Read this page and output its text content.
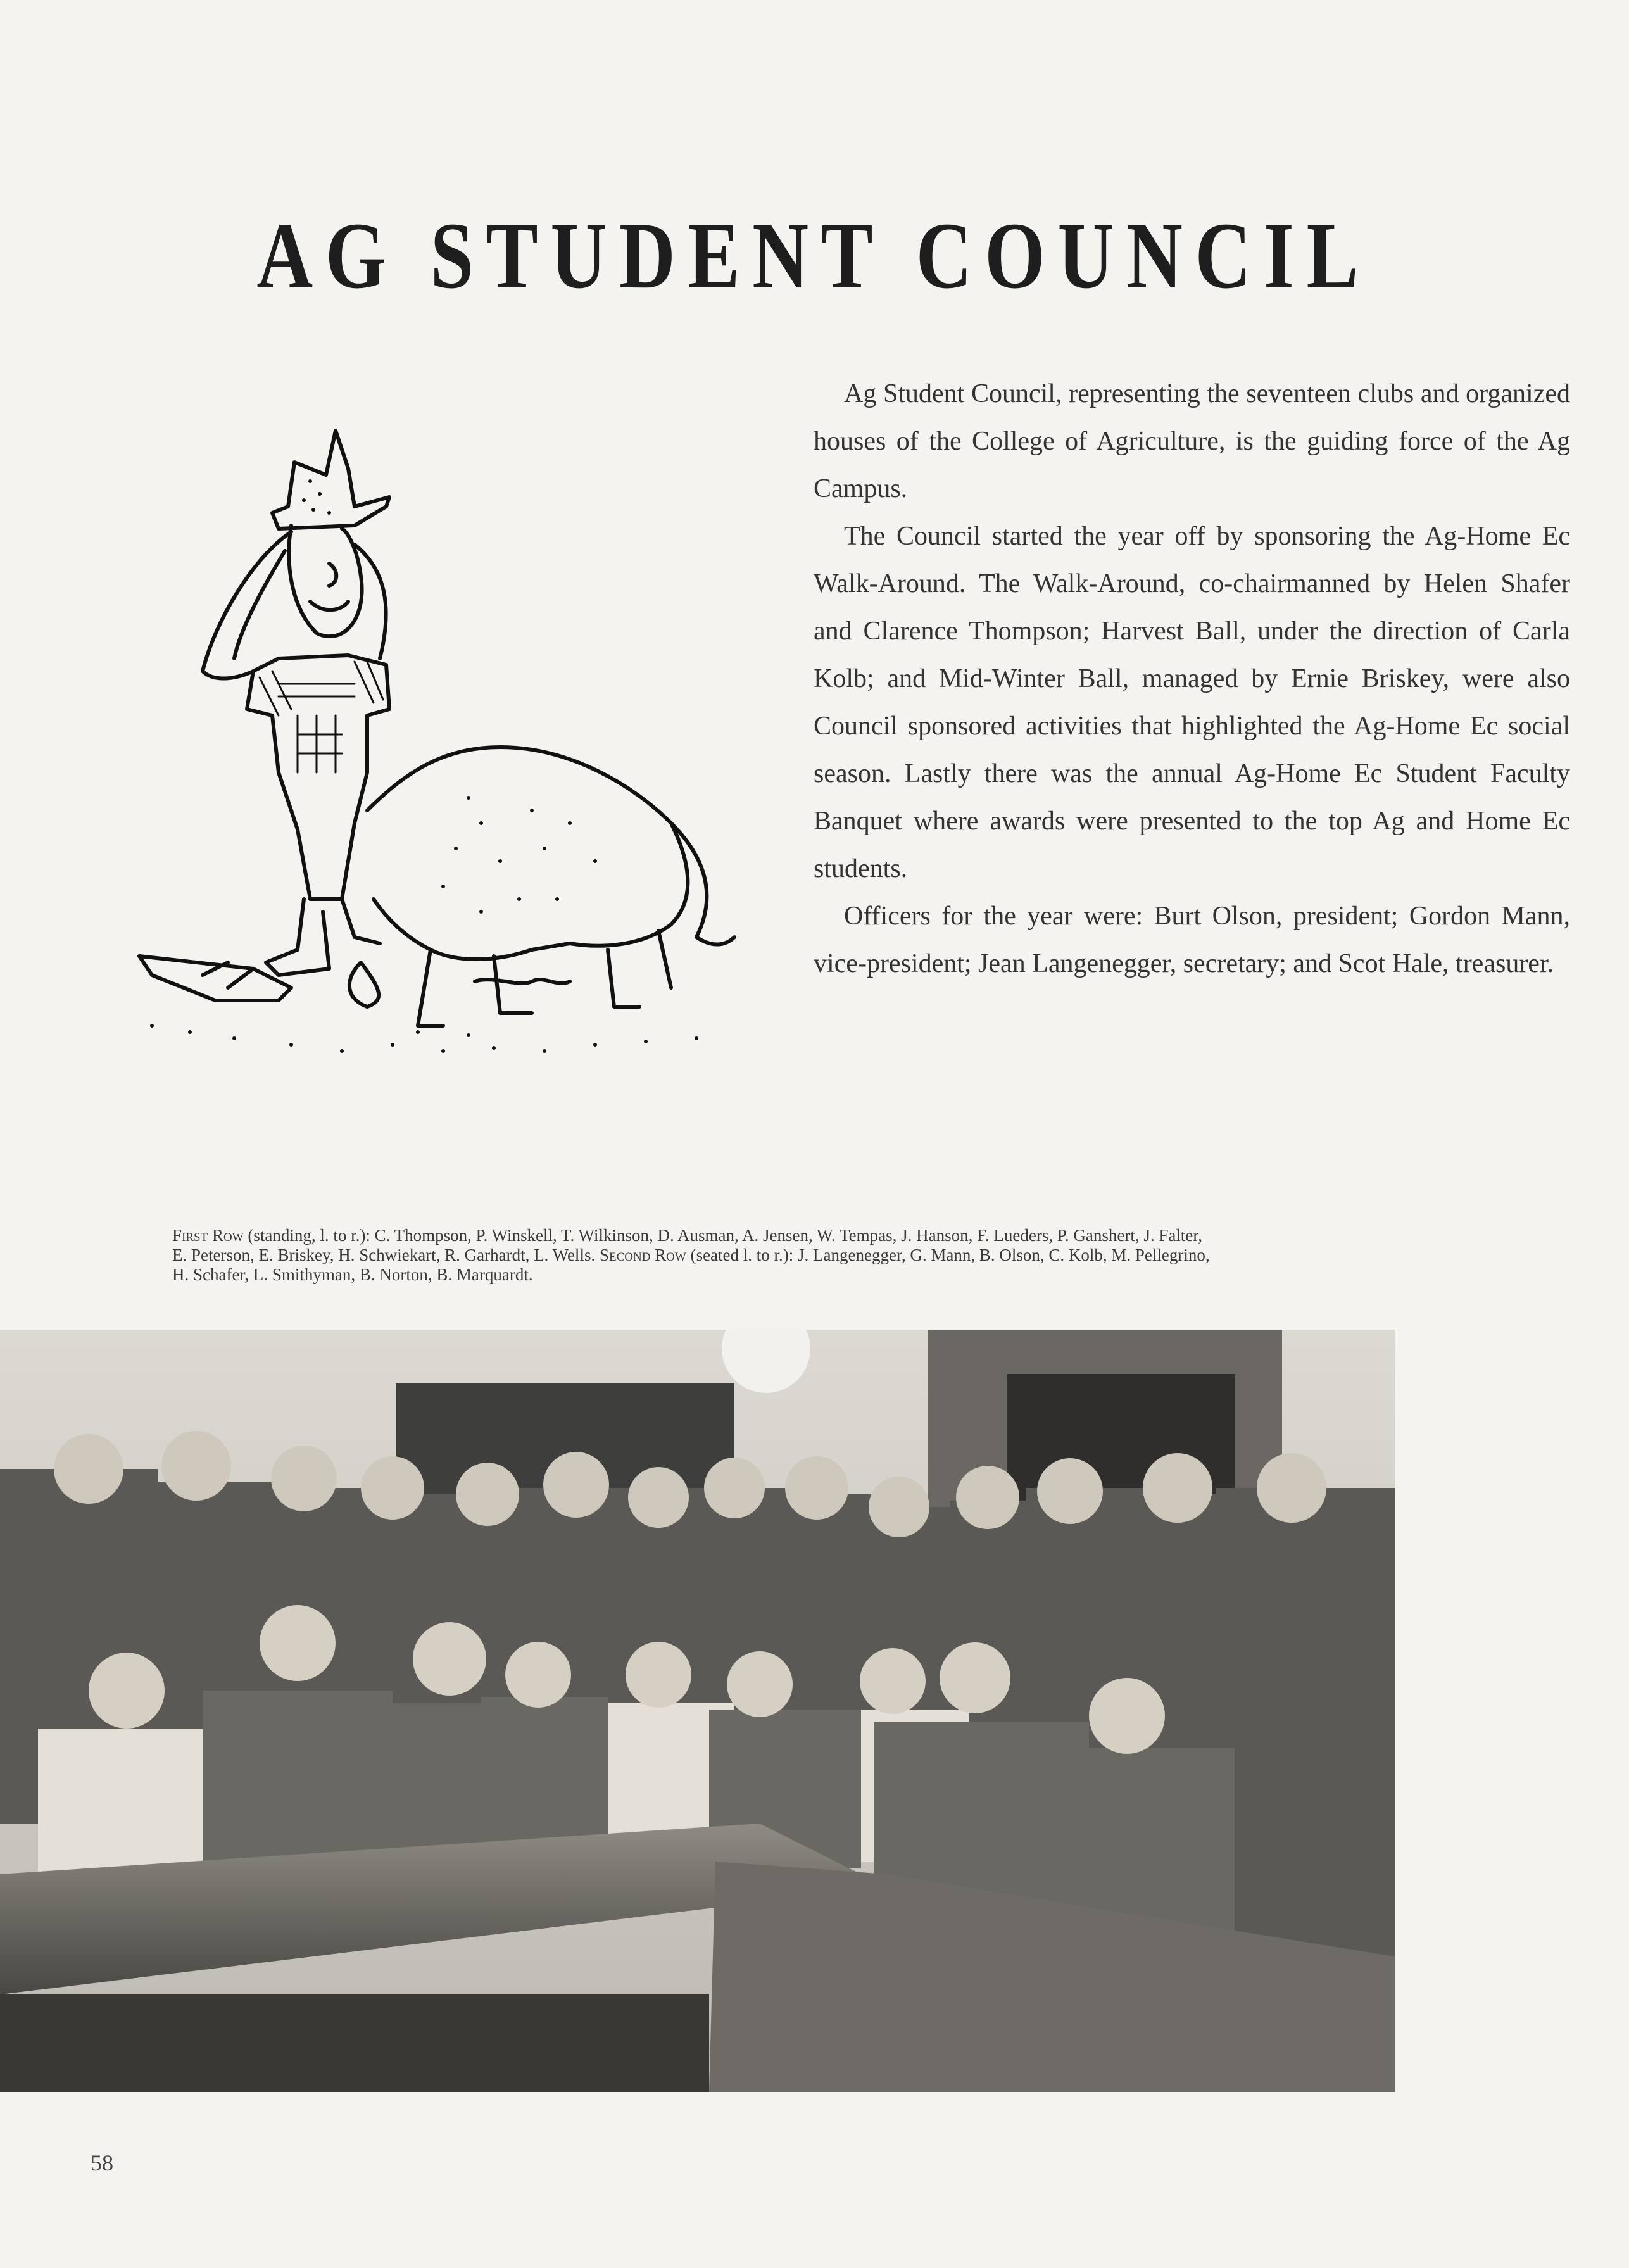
AG STUDENT COUNCIL

Ag Student Council, representing the seventeen clubs and organized houses of the College of Agriculture, is the guiding force of the Ag Campus.

The Council started the year off by sponsoring the Ag-Home Ec Walk-Around. The Walk-Around, co-chairmanned by Helen Shafer and Clarence Thompson; Harvest Ball, under the direction of Carla Kolb; and Mid-Winter Ball, managed by Ernie Briskey, were also Council sponsored activities that highlighted the Ag-Home Ec social season. Lastly there was the annual Ag-Home Ec Student Faculty Banquet where awards were presented to the top Ag and Home Ec students.

Officers for the year were: Burt Olson, president; Gordon Mann, vice-president; Jean Langenegger, secretary; and Scot Hale, treasurer.

First Row (standing, l. to r.): C. Thompson, P. Winskell, T. Wilkinson, D. Ausman, A. Jensen, W. Tempas, J. Hanson, F. Lueders, P. Ganshert, J. Falter, E. Peterson, E. Briskey, H. Schwiekart, R. Garhardt, L. Wells. Second Row (seated l. to r.): J. Langenegger, G. Mann, B. Olson, C. Kolb, M. Pellegrino, H. Schafer, L. Smithyman, B. Norton, B. Marquardt.
58
